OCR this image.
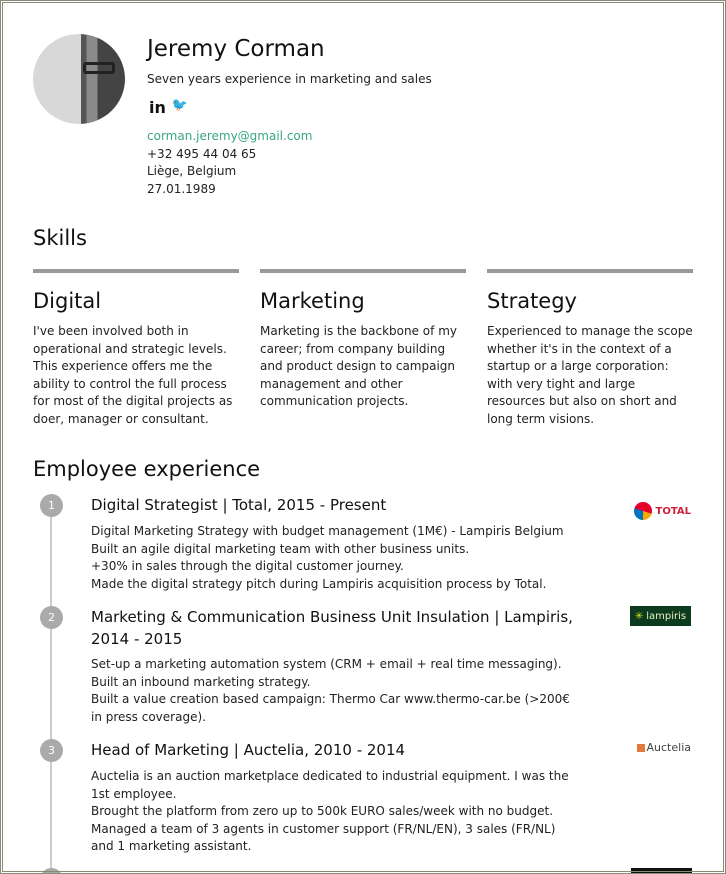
Jeremy Corman
Seven years experience in marketing and sales
in 🐦
corman.jeremy@gmail.com
+32 495 44 04 65
Liège, Belgium
27.01.1989
Skills
Digital

I've been involved both in operational and strategic levels. This experience offers me the ability to control the full process for most of the digital projects as doer, manager or consultant.

Marketing

Marketing is the backbone of my career; from company building and product design to campaign management and other communication projects.

Strategy

Experienced to manage the scope whether it's in the context of a startup or a large corporation: with very tight and large resources but also on short and long term visions.

Employee experience
1	Digital Strategist | Total, 2015 - Present	TOTAL
Digital Marketing Strategy with budget management (1M€) - Lampiris Belgium
Built an agile digital marketing team with other business units.
+30% in sales through the digital customer journey.
Made the digital strategy pitch during Lampiris acquisition process by Total.
2	Marketing & Communication Business Unit Insulation | Lampiris, 2014 - 2015
✳ lampiris
Set-up a marketing automation system (CRM + email + real time messaging).
Built an inbound marketing strategy.
Built a value creation based campaign: Thermo Car www.thermo-car.be (>200€ in press coverage).
3	Head of Marketing | Auctelia, 2010 - 2014	Auctelia
Auctelia is an auction marketplace dedicated to industrial equipment. I was the 1st employee.
Brought the platform from zero up to 500k EURO sales/week with no budget.
Managed a team of 3 agents in customer support (FR/NL/EN), 3 sales (FR/NL) and 1 marketing assistant.
